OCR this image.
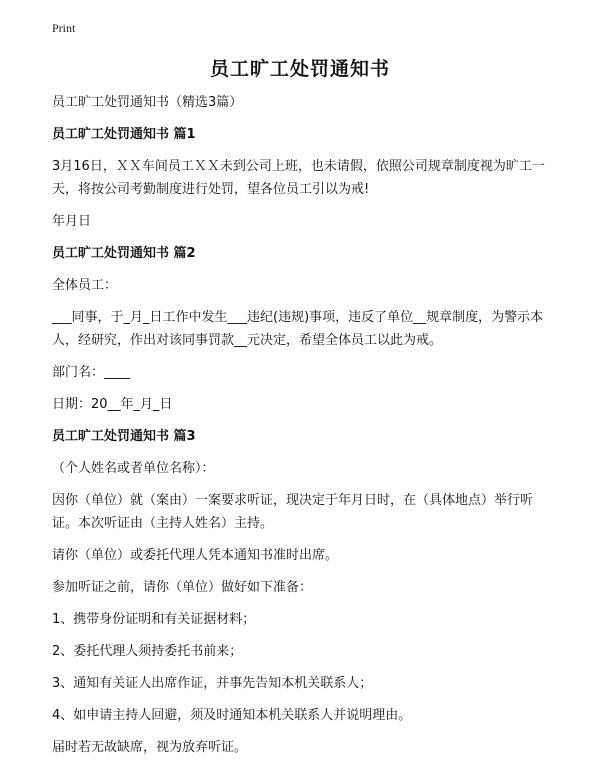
Print
员工旷工处罚通知书

员工旷工处罚通知书（精选3篇）

员工旷工处罚通知书 篇1

3月16日，ＸＸ车间员工ＸＸ未到公司上班，也未请假，依照公司规章制度视为旷工一天，将按公司考勤制度进行处罚，望各位员工引以为戒!

年月日

员工旷工处罚通知书 篇2

全体员工：

___同事，于_月_日工作中发生___违纪(违规)事项，违反了单位__规章制度，为警示本人，经研究，作出对该同事罚款__元决定，希望全体员工以此为戒。

部门名：____

日期：20__年_月_日

员工旷工处罚通知书 篇3

（个人姓名或者单位名称）：

因你（单位）就（案由）一案要求听证，现决定于年月日时，在（具体地点）举行听证。本次听证由（主持人姓名）主持。

请你（单位）或委托代理人凭本通知书准时出席。

参加听证之前，请你（单位）做好如下准备：

1、携带身份证明和有关证据材料；

2、委托代理人须持委托书前来；

3、通知有关证人出席作证，并事先告知本机关联系人；

4、如申请主持人回避，须及时通知本机关联系人并说明理由。

届时若无故缺席，视为放弃听证。
